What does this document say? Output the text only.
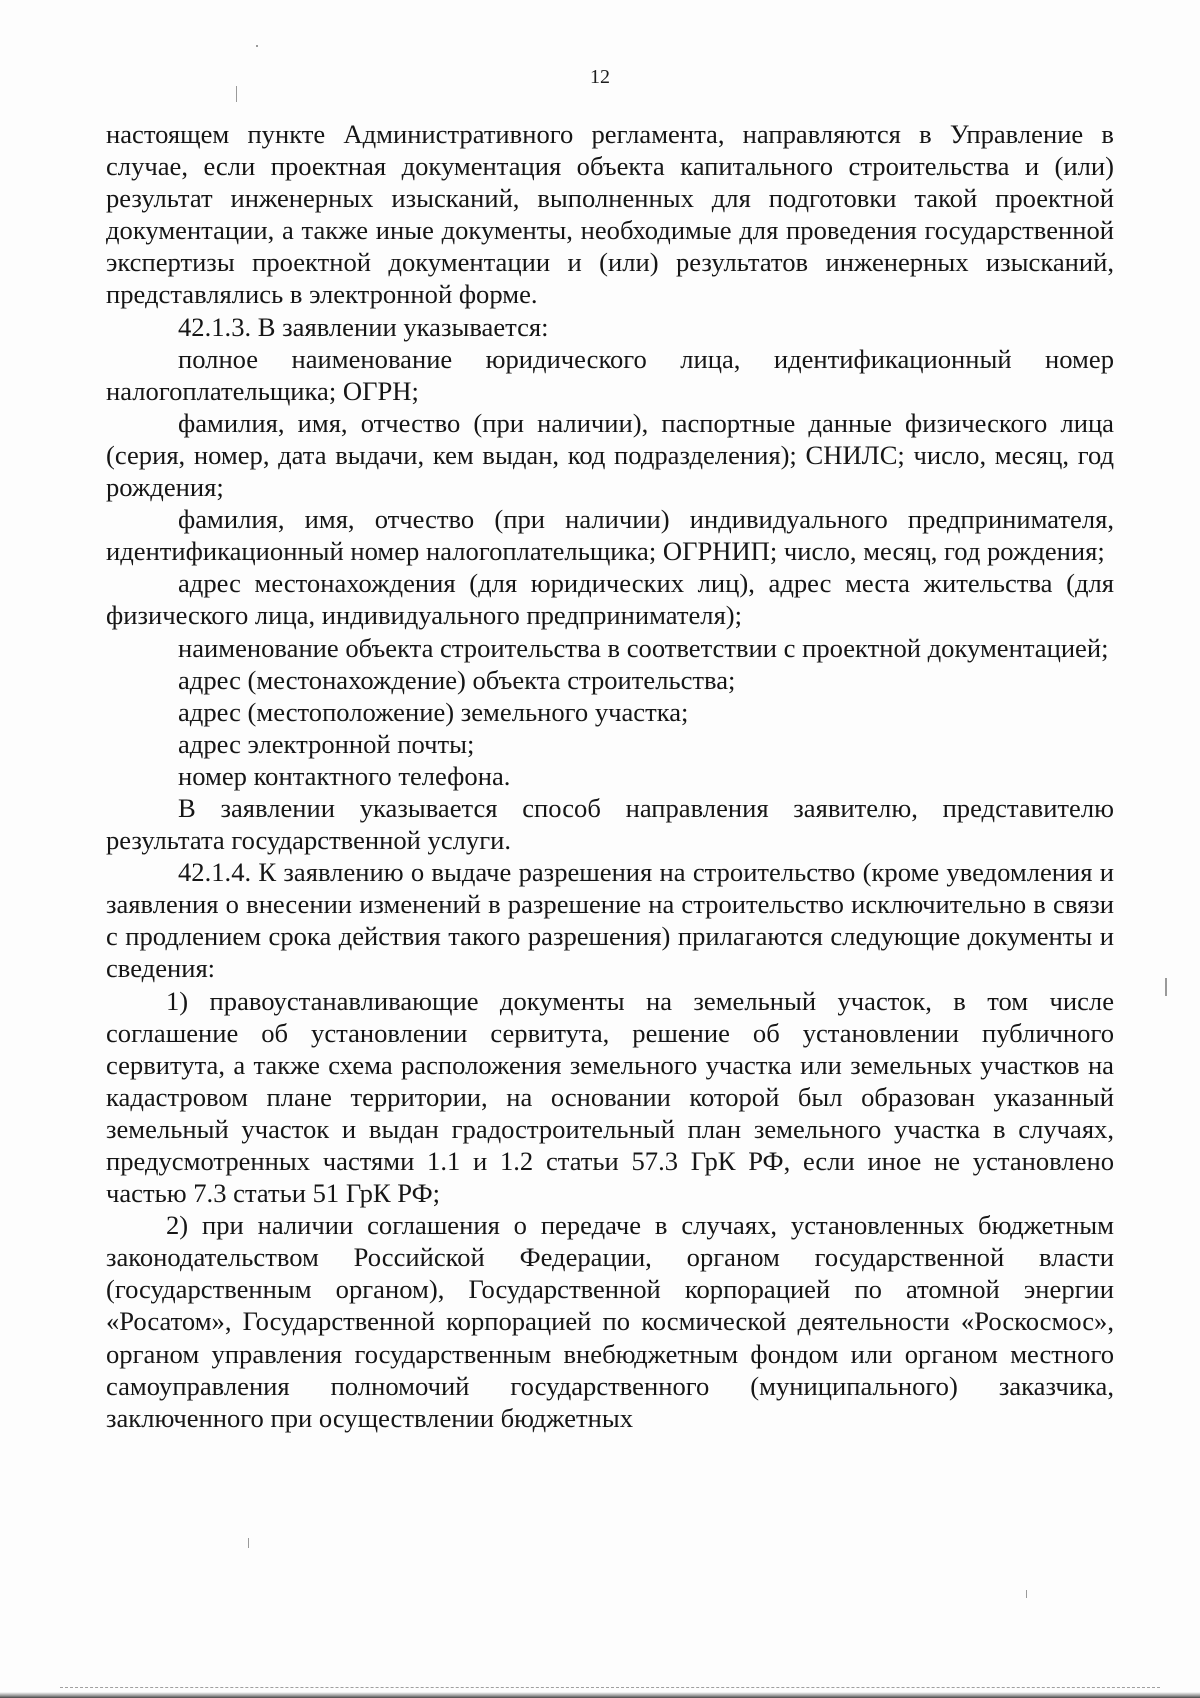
12

настоящем пункте Административного регламента, направляются в Управление в случае, если проектная документация объекта капитального строительства и (или) результат инженерных изысканий, выполненных для подготовки такой проектной документации, а также иные документы, необходимые для проведения государственной экспертизы проектной документации и (или) результатов инженерных изысканий, представлялись в электронной форме.

42.1.3. В заявлении указывается:

полное наименование юридического лица, идентификационный номер налогоплательщика; ОГРН;

фамилия, имя, отчество (при наличии), паспортные данные физического лица (серия, номер, дата выдачи, кем выдан, код подразделения); СНИЛС; число, месяц, год рождения;

фамилия, имя, отчество (при наличии) индивидуального предпринимателя, идентификационный номер налогоплательщика; ОГРНИП; число, месяц, год рождения;

адрес местонахождения (для юридических лиц), адрес места жительства (для физического лица, индивидуального предпринимателя);

наименование объекта строительства в соответствии с проектной документацией;

адрес (местонахождение) объекта строительства;

адрес (местоположение) земельного участка;

адрес электронной почты;

номер контактного телефона.

В заявлении указывается способ направления заявителю, представителю результата государственной услуги.

42.1.4. К заявлению о выдаче разрешения на строительство (кроме уведомления и заявления о внесении изменений в разрешение на строительство исключительно в связи с продлением срока действия такого разрешения) прилагаются следующие документы и сведения:

1) правоустанавливающие документы на земельный участок, в том числе соглашение об установлении сервитута, решение об установлении публичного сервитута, а также схема расположения земельного участка или земельных участков на кадастровом плане территории, на основании которой был образован указанный земельный участок и выдан градостроительный план земельного участка в случаях, предусмотренных частями 1.1 и 1.2 статьи 57.3 ГрК РФ, если иное не установлено частью 7.3 статьи 51 ГрК РФ;

2) при наличии соглашения о передаче в случаях, установленных бюджетным законодательством Российской Федерации, органом государственной власти (государственным органом), Государственной корпорацией по атомной энергии «Росатом», Государственной корпорацией по космической деятельности «Роскосмос», органом управления государственным внебюджетным фондом или органом местного самоуправления полномочий государственного (муниципального) заказчика, заключенного при осуществлении бюджетных
